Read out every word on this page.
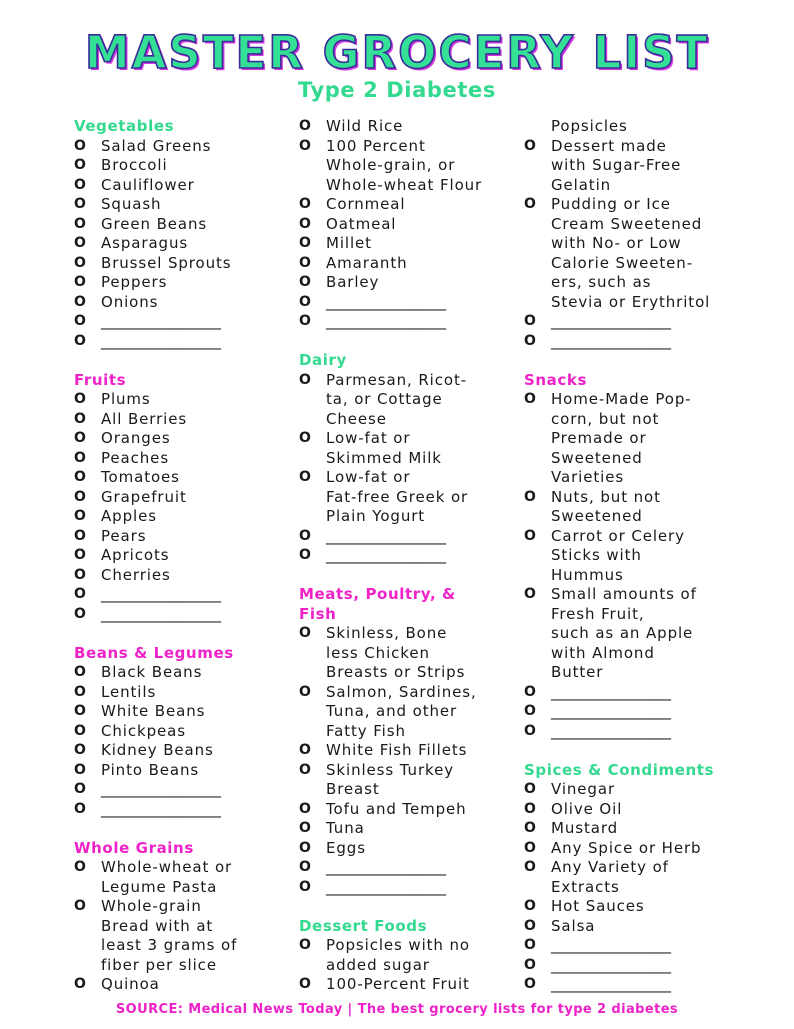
MASTER GROCERY LIST
Type 2 Diabetes
Vegetables
O Salad Greens
O Broccoli
O Cauliflower
O Squash
O Green Beans
O Asparagus
O Brussel Sprouts
O Peppers
O Onions
O ________________
O ________________
Fruits
O Plums
O All Berries
O Oranges
O Peaches
O Tomatoes
O Grapefruit
O Apples
O Pears
O Apricots
O Cherries
O ________________
O ________________
Beans & Legumes
O Black Beans
O Lentils
O White Beans
O Chickpeas
O Kidney Beans
O Pinto Beans
O ________________
O ________________
Whole Grains
O Whole-wheat or
Legume Pasta
O Whole-grain
Bread with at
least 3 grams of
fiber per slice
O Quinoa
O Wild Rice
O 100 Percent
Whole-grain, or
Whole-wheat Flour
O Cornmeal
O Oatmeal
O Millet
O Amaranth
O Barley
O ________________
O ________________
Dairy
O Parmesan, Ricot-
ta, or Cottage
Cheese
O Low-fat or
Skimmed Milk
O Low-fat or
Fat-free Greek or
Plain Yogurt
O ________________
O ________________
Meats, Poultry, &
Fish
O Skinless, Bone
less Chicken
Breasts or Strips
O Salmon, Sardines,
Tuna, and other
Fatty Fish
O White Fish Fillets
O Skinless Turkey
Breast
O Tofu and Tempeh
O Tuna
O Eggs
O ________________
O ________________
Dessert Foods
O Popsicles with no
added sugar
O 100-Percent Fruit
Popsicles
O Dessert made
with Sugar-Free
Gelatin
O Pudding or Ice
Cream Sweetened
with No- or Low
Calorie Sweeten-
ers, such as
Stevia or Erythritol
O ________________
O ________________
Snacks
O Home-Made Pop-
corn, but not
Premade or
Sweetened
Varieties
O Nuts, but not
Sweetened
O Carrot or Celery
Sticks with
Hummus
O Small amounts of
Fresh Fruit,
such as an Apple
with Almond
Butter
O ________________
O ________________
O ________________
Spices & Condiments
O Vinegar
O Olive Oil
O Mustard
O Any Spice or Herb
O Any Variety of
Extracts
O Hot Sauces
O Salsa
O ________________
O ________________
O ________________
SOURCE: Medical News Today | The best grocery lists for type 2 diabetes
